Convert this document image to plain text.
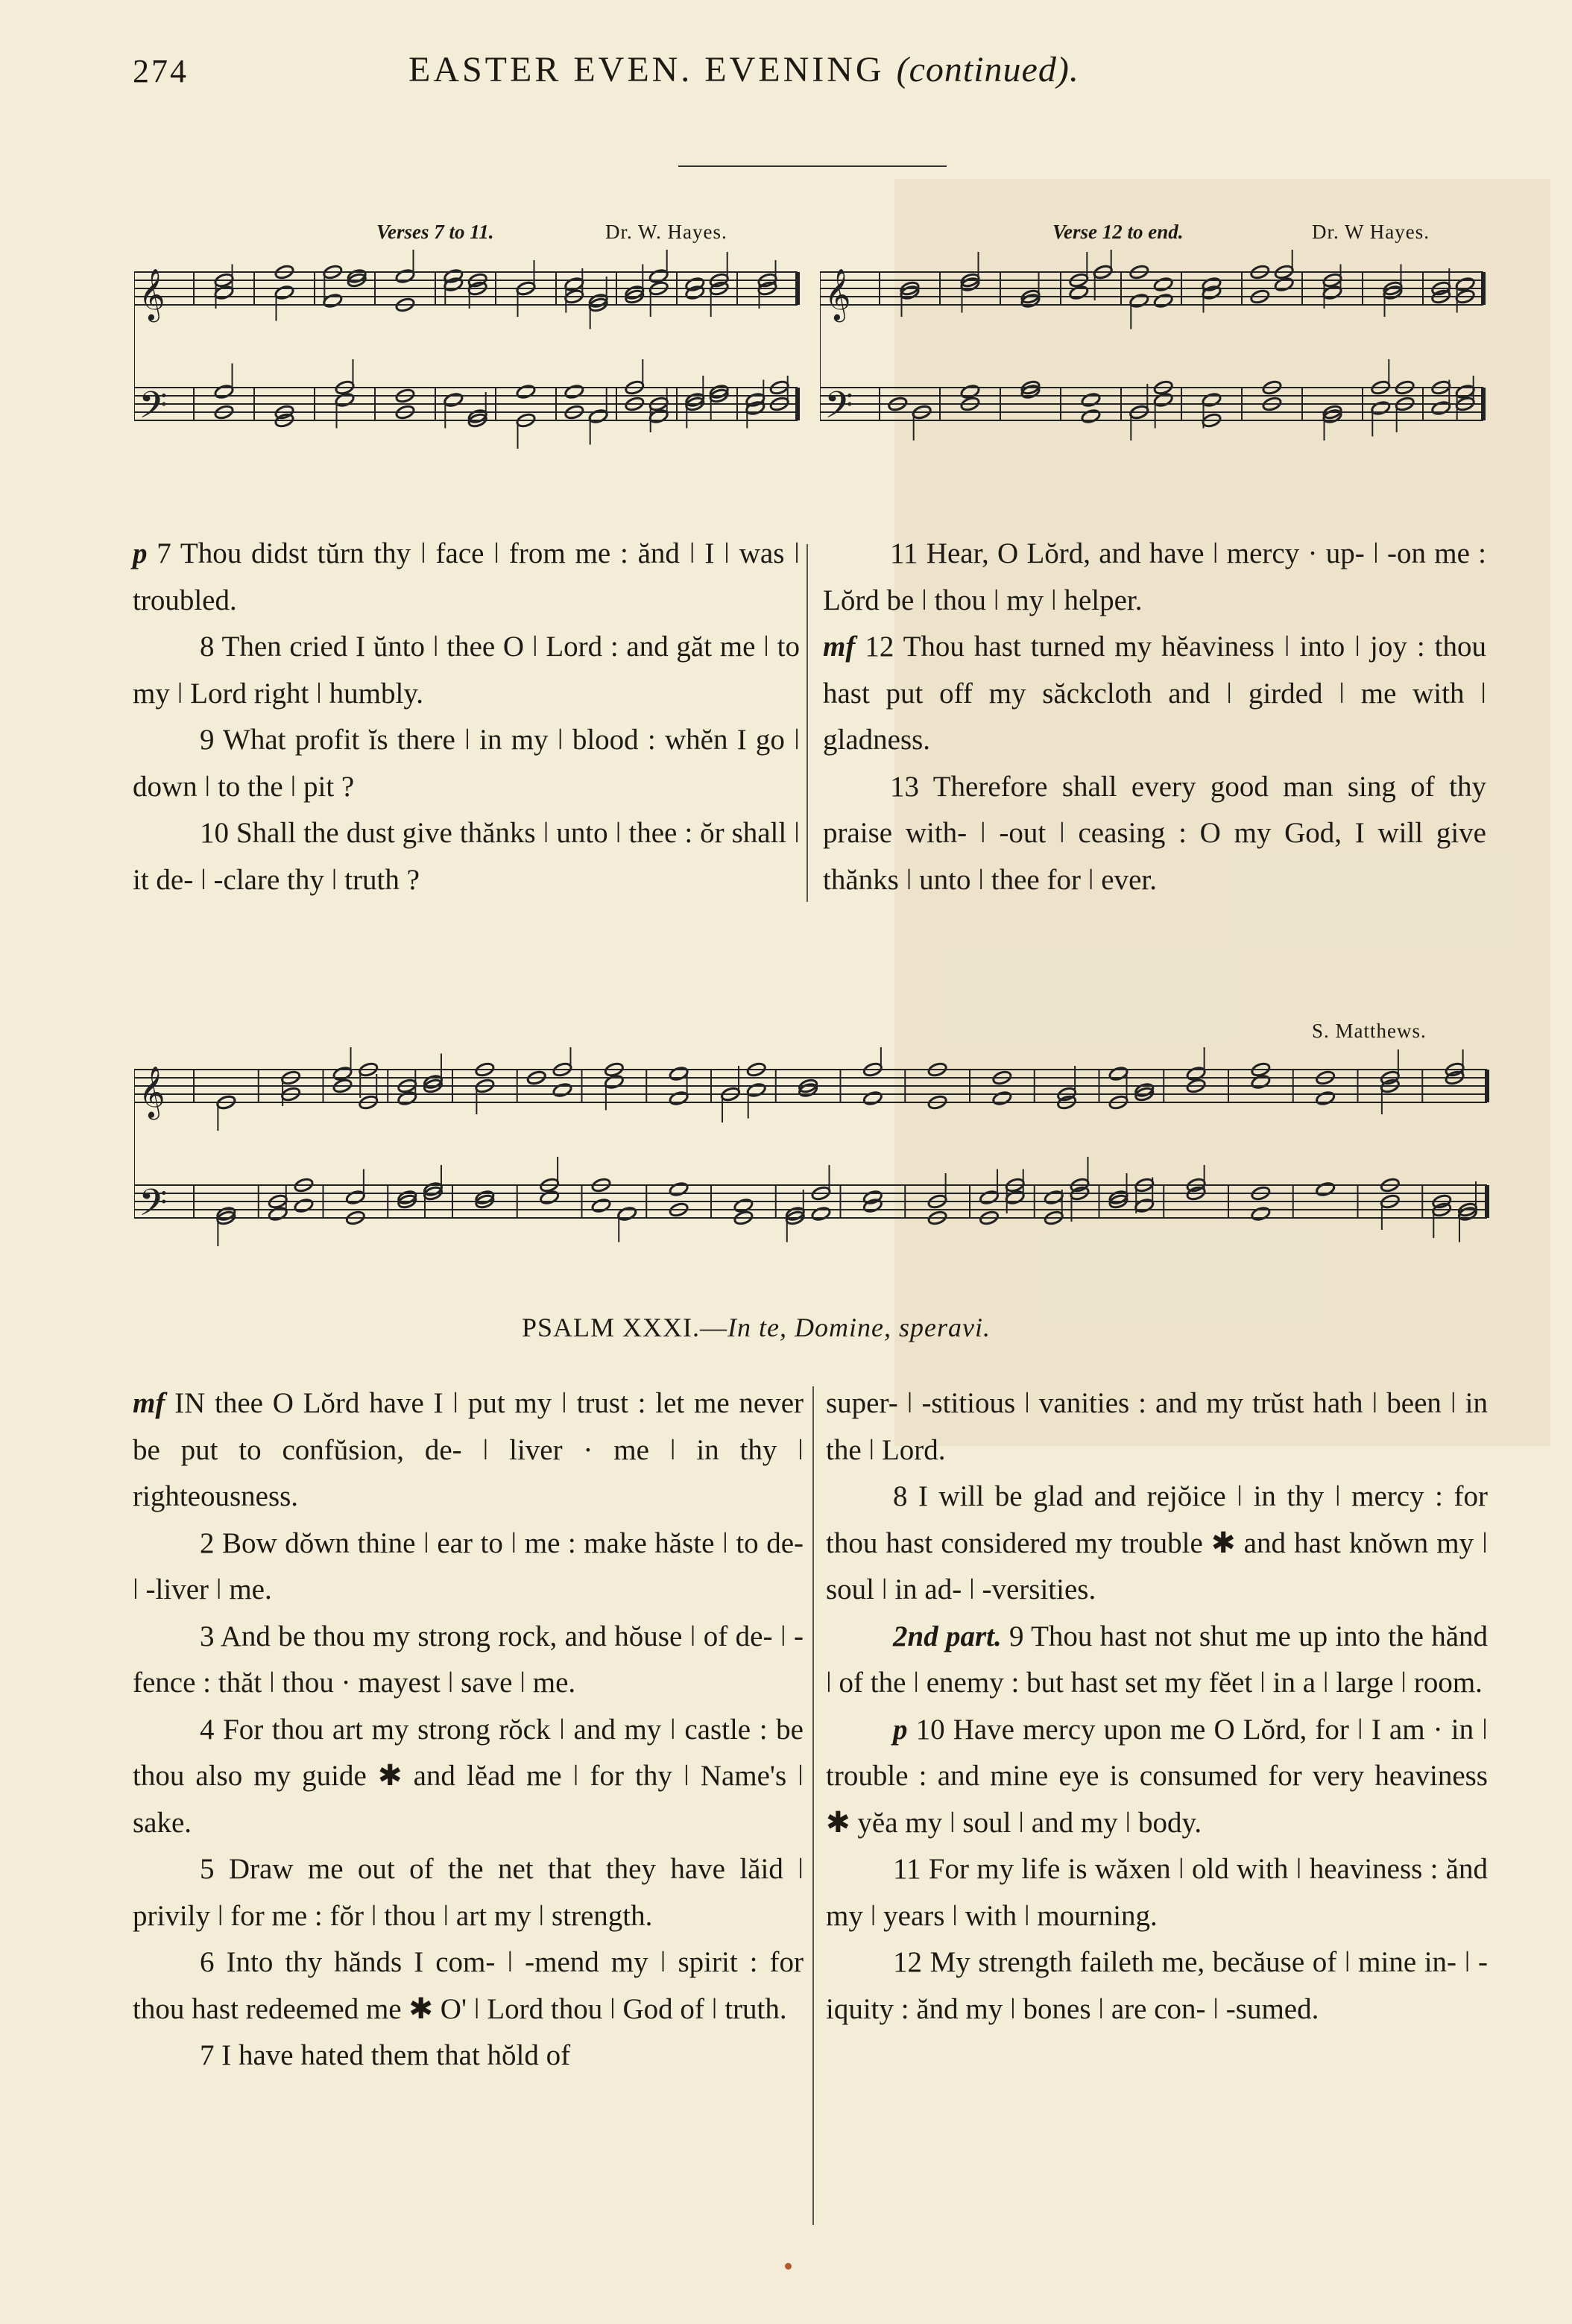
274	EASTER EVEN. EVENING (continued).
Verses 7 to 11.	Dr. W. Hayes.	Verse 12 to end.	Dr. W Hayes.
𝄞
𝄢
𝄞
𝄢

p 7 Thou didst tŭrn thy ǀ face ǀ from me : ănd ǀ I ǀ was ǀ troubled.

8 Then cried I ŭnto ǀ thee O ǀ Lord : and găt me ǀ to my ǀ Lord right ǀ humbly.

9 What profit ĭs there ǀ in my ǀ blood : whĕn I go ǀ down ǀ to the ǀ pit ?

10 Shall the dust give thănks ǀ unto ǀ thee : ŏr shall ǀ it de- ǀ -clare thy ǀ truth ?

11 Hear, O Lŏrd, and have ǀ mercy · up- ǀ -on me : Lŏrd be ǀ thou ǀ my ǀ helper.

mf 12 Thou hast turned my hĕaviness ǀ into ǀ joy : thou hast put off my săckcloth and ǀ girded ǀ me with ǀ gladness.

13 Therefore shall every good man sing of thy praise with- ǀ -out ǀ ceasing : O my God, I will give thănks ǀ unto ǀ thee for ǀ ever.

S. Matthews.
𝄞
𝄢
PSALM XXXI.—In te, Domine, speravi.

mf IN thee O Lŏrd have I ǀ put my ǀ trust : let me never be put to confŭsion, de- ǀ liver · me ǀ in thy ǀ righteousness.

2 Bow dŏwn thine ǀ ear to ǀ me : make hăste ǀ to de- ǀ -liver ǀ me.

3 And be thou my strong rock, and hŏuse ǀ of de- ǀ -fence : thăt ǀ thou · mayest ǀ save ǀ me.

4 For thou art my strong rŏck ǀ and my ǀ castle : be thou also my guide ✱ and lĕad me ǀ for thy ǀ Name's ǀ sake.

5 Draw me out of the net that they have lăid ǀ privily ǀ for me : fŏr ǀ thou ǀ art my ǀ strength.

6 Into thy hănds I com- ǀ -mend my ǀ spirit : for thou hast redeemed me ✱ O' ǀ Lord thou ǀ God of ǀ truth.

7 I have hated them that hŏld of

super- ǀ -stitious ǀ vanities : and my trŭst hath ǀ been ǀ in the ǀ Lord.

8 I will be glad and rejŏice ǀ in thy ǀ mercy : for thou hast considered my trouble ✱ and hast knŏwn my ǀ soul ǀ in ad- ǀ -versities.

2nd part. 9 Thou hast not shut me up into the hănd ǀ of the ǀ enemy : but hast set my fĕet ǀ in a ǀ large ǀ room.

p 10 Have mercy upon me O Lŏrd, for ǀ I am · in ǀ trouble : and mine eye is consumed for very heaviness ✱ yĕa my ǀ soul ǀ and my ǀ body.

11 For my life is wăxen ǀ old with ǀ heaviness : ănd my ǀ years ǀ with ǀ mourning.

12 My strength faileth me, becăuse of ǀ mine in- ǀ -iquity : ănd my ǀ bones ǀ are con- ǀ -sumed.
